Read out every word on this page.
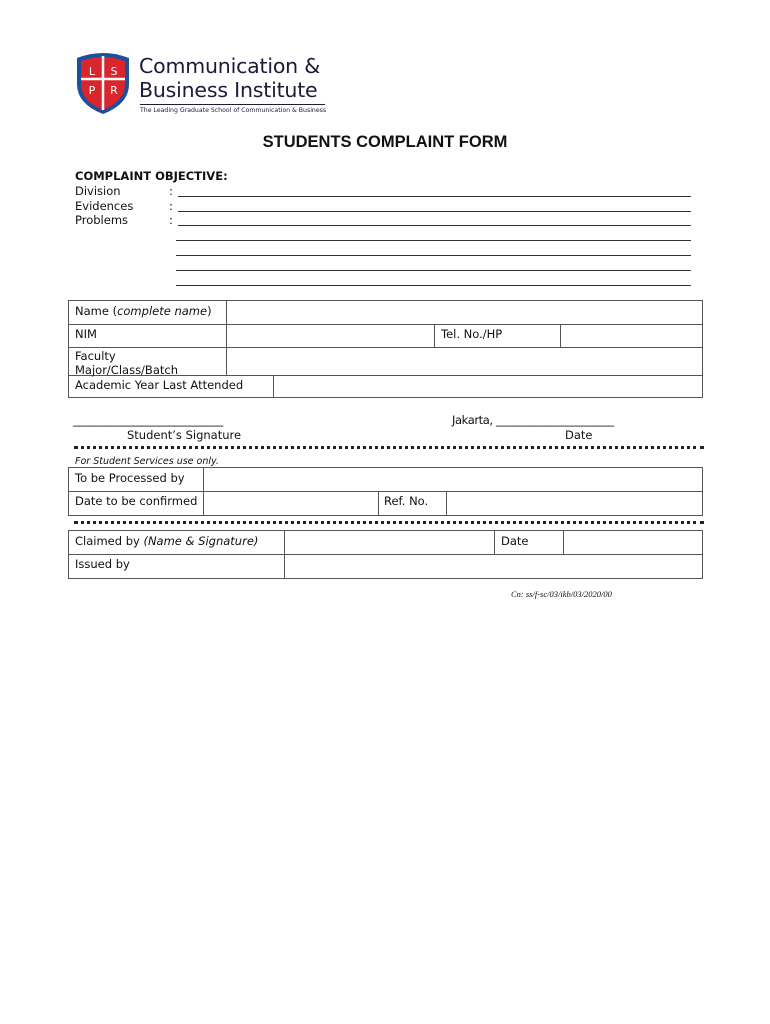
L S
P R
Communication &
Business Institute
The Leading Graduate School of Communication & Business
STUDENTS COMPLAINT FORM
COMPLAINT OBJECTIVE:
Division	:
Evidences	:
Problems	:
Name (complete name)
NIM	Tel. No./HP
Faculty
Major/Class/Batch
Academic Year Last Attended
____________________________
Student’s Signature
Jakarta, ______________________
Date
For Student Services use only.
To be Processed by
Date to be confirmed	Ref. No.
Claimed by (Name & Signature)	Date
Issued by
Cn: ss/f-sc/03/ikb/03/2020/00
